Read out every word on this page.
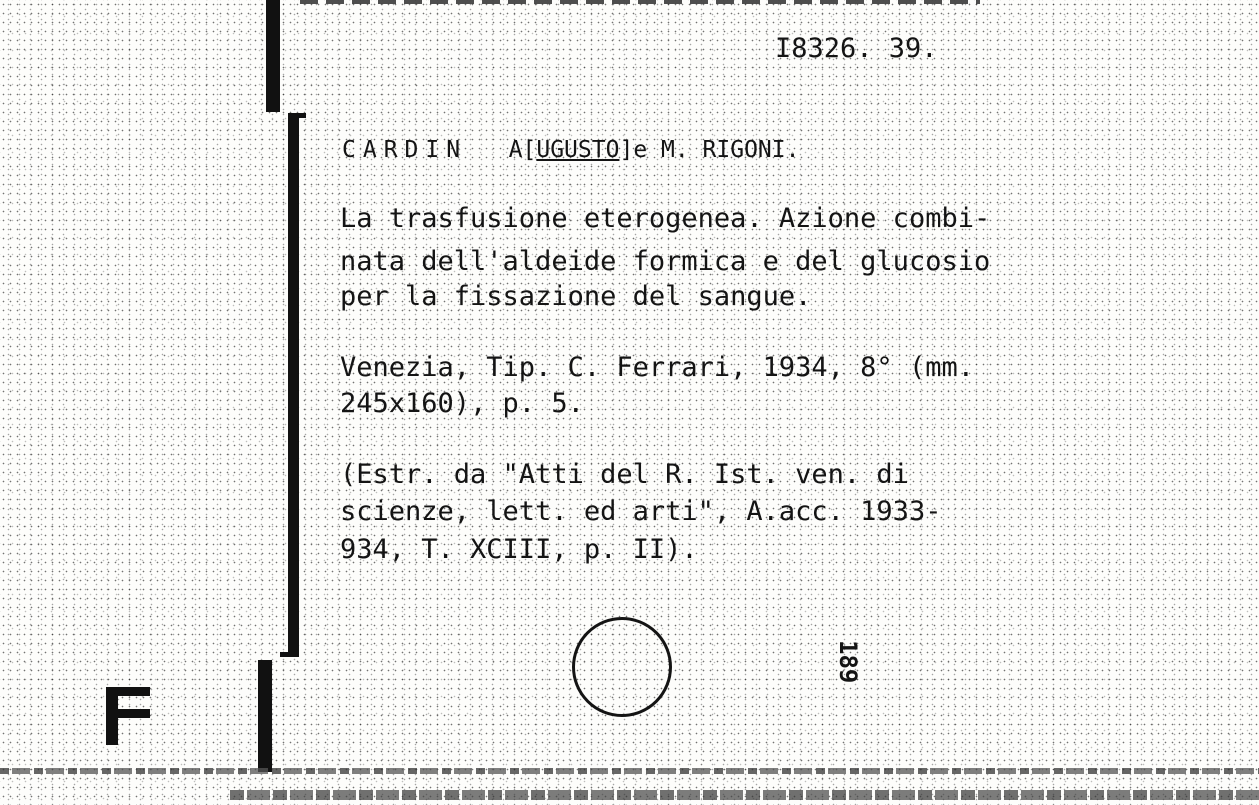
I8326. 39.
CARDIN A[UGUSTO]e M. RIGONI.
La trasfusione eterogenea. Azione combi-
nata dell'aldeide formica e del glucosio
per la fissazione del sangue.
Venezia, Tip. C. Ferrari, 1934, 8° (mm.
245x160), p. 5.
(Estr. da "Atti del R. Ist. ven. di
scienze, lett. ed arti", A.acc. 1933-
934, T. XCIII, p. II).
189
